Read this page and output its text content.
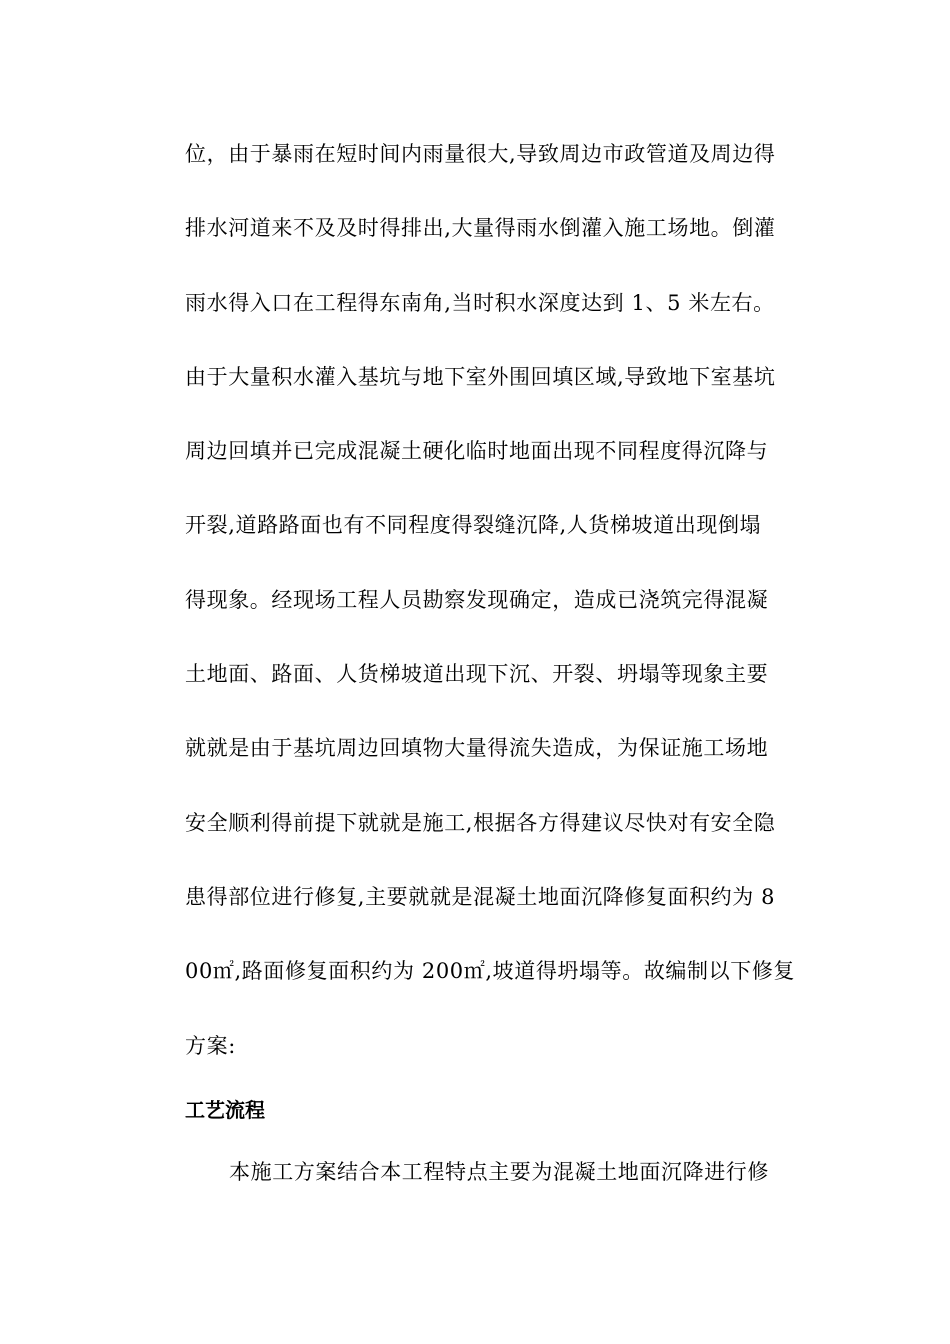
位，由于暴雨在短时间内雨量很大,导致周边市政管道及周边得
排水河道来不及及时得排出,大量得雨水倒灌入施工场地。倒灌
雨水得入口在工程得东南角,当时积水深度达到 1、5 米左右。
由于大量积水灌入基坑与地下室外围回填区域,导致地下室基坑
周边回填并已完成混凝土硬化临时地面出现不同程度得沉降与
开裂,道路路面也有不同程度得裂缝沉降,人货梯坡道出现倒塌
得现象。经现场工程人员勘察发现确定，造成已浇筑完得混凝
土地面、路面、人货梯坡道出现下沉、开裂、坍塌等现象主要
就就是由于基坑周边回填物大量得流失造成，为保证施工场地
安全顺利得前提下就就是施工,根据各方得建议尽快对有安全隐
患得部位进行修复,主要就就是混凝土地面沉降修复面积约为 8
00㎡,路面修复面积约为 200㎡,坡道得坍塌等。故编制以下修复
方案:
工艺流程
本施工方案结合本工程特点主要为混凝土地面沉降进行修
